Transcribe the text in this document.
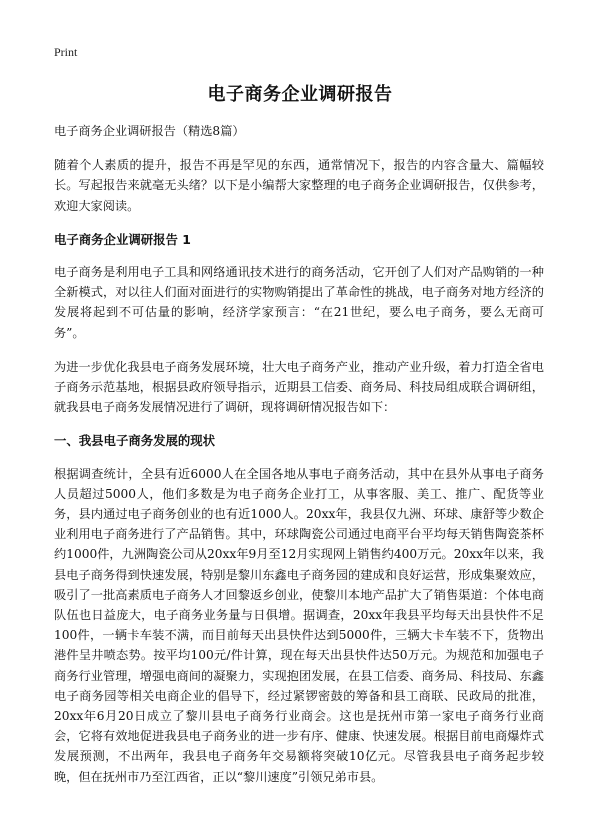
Print
电子商务企业调研报告

电子商务企业调研报告（精选8篇）

随着个人素质的提升，报告不再是罕见的东西，通常情况下，报告的内容含量大、篇幅较长。写起报告来就毫无头绪？以下是小编帮大家整理的电子商务企业调研报告，仅供参考，欢迎大家阅读。

电子商务企业调研报告 1

电子商务是利用电子工具和网络通讯技术进行的商务活动，它开创了人们对产品购销的一种全新模式，对以往人们面对面进行的实物购销提出了革命性的挑战，电子商务对地方经济的发展将起到不可估量的影响，经济学家预言：“在21世纪，要么电子商务，要么无商可务”。

为进一步优化我县电子商务发展环境，壮大电子商务产业，推动产业升级，着力打造全省电子商务示范基地，根据县政府领导指示，近期县工信委、商务局、科技局组成联合调研组，就我县电子商务发展情况进行了调研，现将调研情况报告如下：

一、我县电子商务发展的现状

根据调查统计，全县有近6000人在全国各地从事电子商务活动，其中在县外从事电子商务人员超过5000人，他们多数是为电子商务企业打工，从事客服、美工、推广、配货等业务，县内通过电子商务创业的也有近1000人。20xx年，我县仅九洲、环球、康舒等少数企业利用电子商务进行了产品销售。其中，环球陶瓷公司通过电商平台平均每天销售陶瓷茶杯约1000件，九洲陶瓷公司从20xx年9月至12月实现网上销售约400万元。20xx年以来，我县电子商务得到快速发展，特别是黎川东鑫电子商务园的建成和良好运营，形成集聚效应，吸引了一批高素质电子商务人才回黎返乡创业，使黎川本地产品扩大了销售渠道：个体电商队伍也日益庞大，电子商务业务量与日俱增。据调查，20xx年我县平均每天出县快件不足100件，一辆卡车装不满，而目前每天出县快件达到5000件，三辆大卡车装不下，货物出港件呈井喷态势。按平均100元/件计算，现在每天出县快件达50万元。为规范和加强电子商务行业管理，增强电商间的凝聚力，实现抱团发展，在县工信委、商务局、科技局、东鑫电子商务园等相关电商企业的倡导下，经过紧锣密鼓的筹备和县工商联、民政局的批准， 20xx年6月20日成立了黎川县电子商务行业商会。这也是抚州市第一家电子商务行业商会，它将有效地促进我县电子商务业的进一步有序、健康、快速发展。根据目前电商爆炸式发展预测，不出两年，我县电子商务年交易额将突破10亿元。尽管我县电子商务起步较晚，但在抚州市乃至江西省，正以“黎川速度”引领兄弟市县。
